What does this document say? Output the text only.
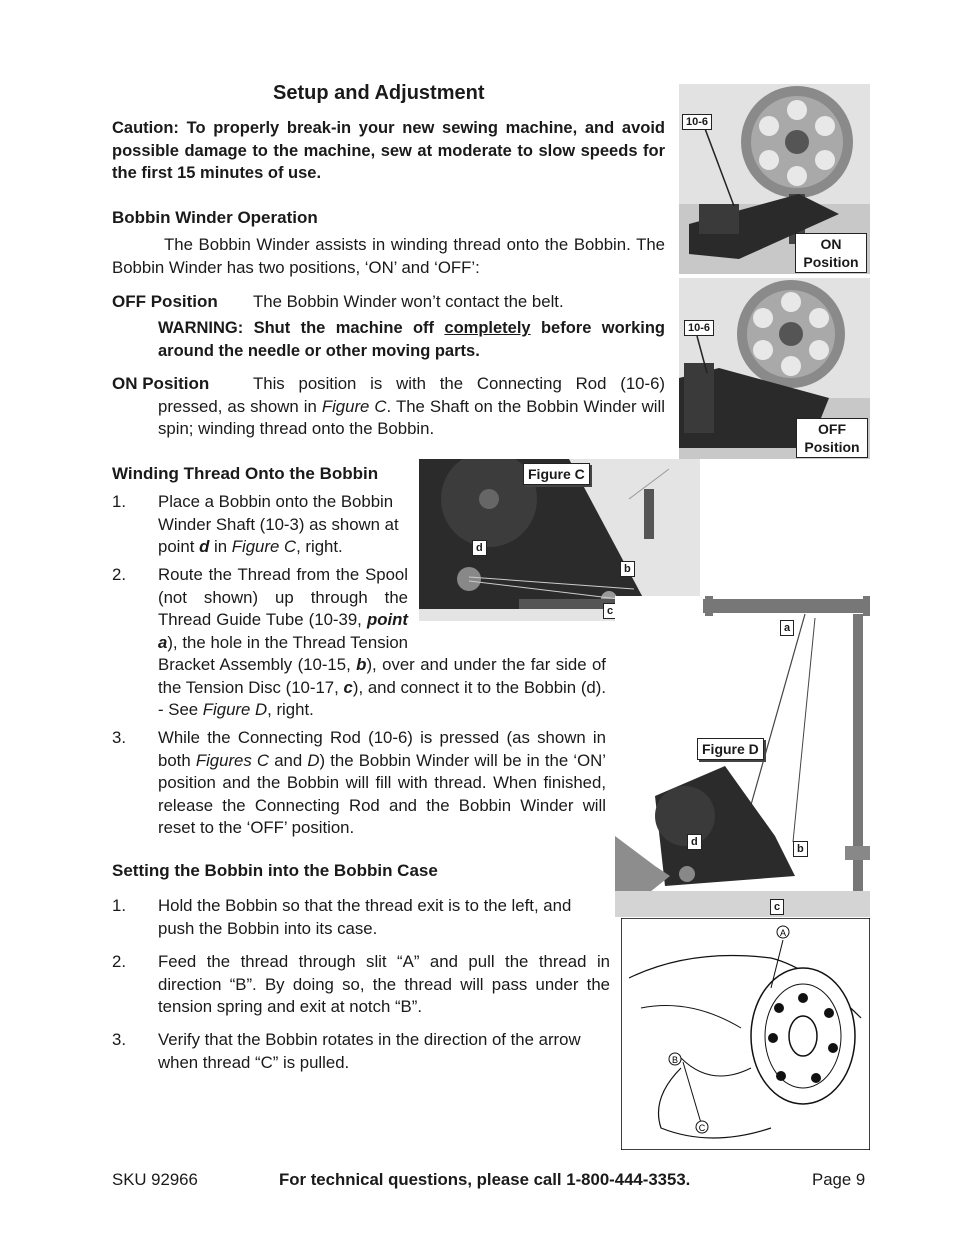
Setup and Adjustment
Caution: To properly break-in your new sewing machine, and avoid possible damage to the machine, sew at moderate to slow speeds for the first 15 minutes of use.
Bobbin Winder Operation
The Bobbin Winder assists in winding thread onto the Bobbin. The Bobbin Winder has two positions, ‘ON’ and ‘OFF’:
OFF Position The Bobbin Winder won’t contact the belt.
WARNING: Shut the machine off completely before working around the needle or other moving parts.
ON Position	This position is with the Connecting Rod (10-6) pressed, as shown in Figure C. The Shaft on the Bobbin Winder will spin; winding thread onto the Bobbin.
Winding Thread Onto the Bobbin
1.	Place a Bobbin onto the Bobbin Winder Shaft (10-3) as shown at point d in Figure C, right.
2.	Route the Thread from the Spool (not shown) up through the Thread Guide Tube (10-39, point a), the hole in the Thread Tension Bracket Assembly (10-15, b), over and under the far side of the Tension Disc (10-17, c), and connect it to the Bobbin (d). - See Figure D, right.
3.	While the Connecting Rod (10-6) is pressed (as shown in both Figures C and D) the Bobbin Winder will be in the ‘ON’ position and the Bobbin will fill with thread. When finished, release the Connecting Rod and the Bobbin Winder will reset to the ‘OFF’ position.
Setting the Bobbin into the Bobbin Case
1.	Hold the Bobbin so that the thread exit is to the left, and push the Bobbin into its case.
2.	Feed the thread through slit “A” and pull the thread in direction “B”. By doing so, the thread will pass under the tension spring and exit at notch “B”.
3.	Verify that the Bobbin rotates in the direction of the arrow when thread “C” is pulled.
10-6
ON
Position
10-6
OFF
Position
Figure C
d
b
c
a
Figure D
d
b
c
A
B
C
SKU 92966	For technical questions, please call 1-800-444-3353.	Page 9
